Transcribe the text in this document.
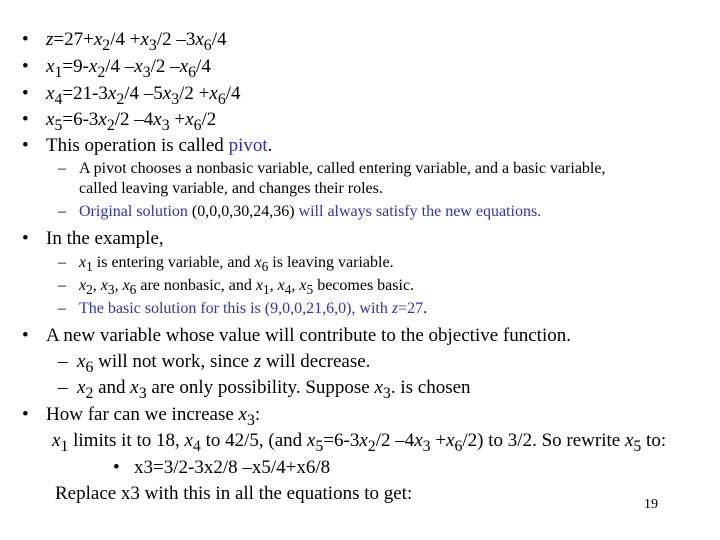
•
•
•
•
•
–
–
•
–
–
–
•
–
–
•
•
$z=27+x_2/4 +x_3/2$ $-3x_6/4$
$x_1=9-x_2/4$ $-x_3/2$ $-x_6/4$
$x_4=21-3x_2/4$ $-5x_3/2 +x_6/4$
$x_5=6-3x_2/2$ $-4x_3 +x_6/2$
This operation is called pivot.
A pivot chooses a nonbasic variable, called entering variable, and a basic variable,
called leaving variable, and changes their roles.
Original solution (0,0,0,30,24,36) will always satisfy the new equations.
In the example,
$x_1$ is entering variable, and $x_6$ is leaving variable.
$x_2$, $x_3$, $x_6$ are nonbasic, and $x_1$, $x_4$, $x_5$ becomes basic.
The basic solution for this is (9,0,0,21,6,0), with z=27.
A new variable whose value will contribute to the objective function.
$x_6$ will not work, since z will decrease.
$x_2$ and $x_3$ are only possibility. Suppose $x_3$. is chosen
How far can we increase $x_3$:
$x_1$ limits it to 18, $x_4$ to 42/5, (and $x_5=6-3x_2/2$ $-4x_3 +x_6/2$) to 3/2. So rewrite $x_5$ to:
x3=3/2-3x2/8 –x5/4+x6/8
Replace x3 with this in all the equations to get:
19
